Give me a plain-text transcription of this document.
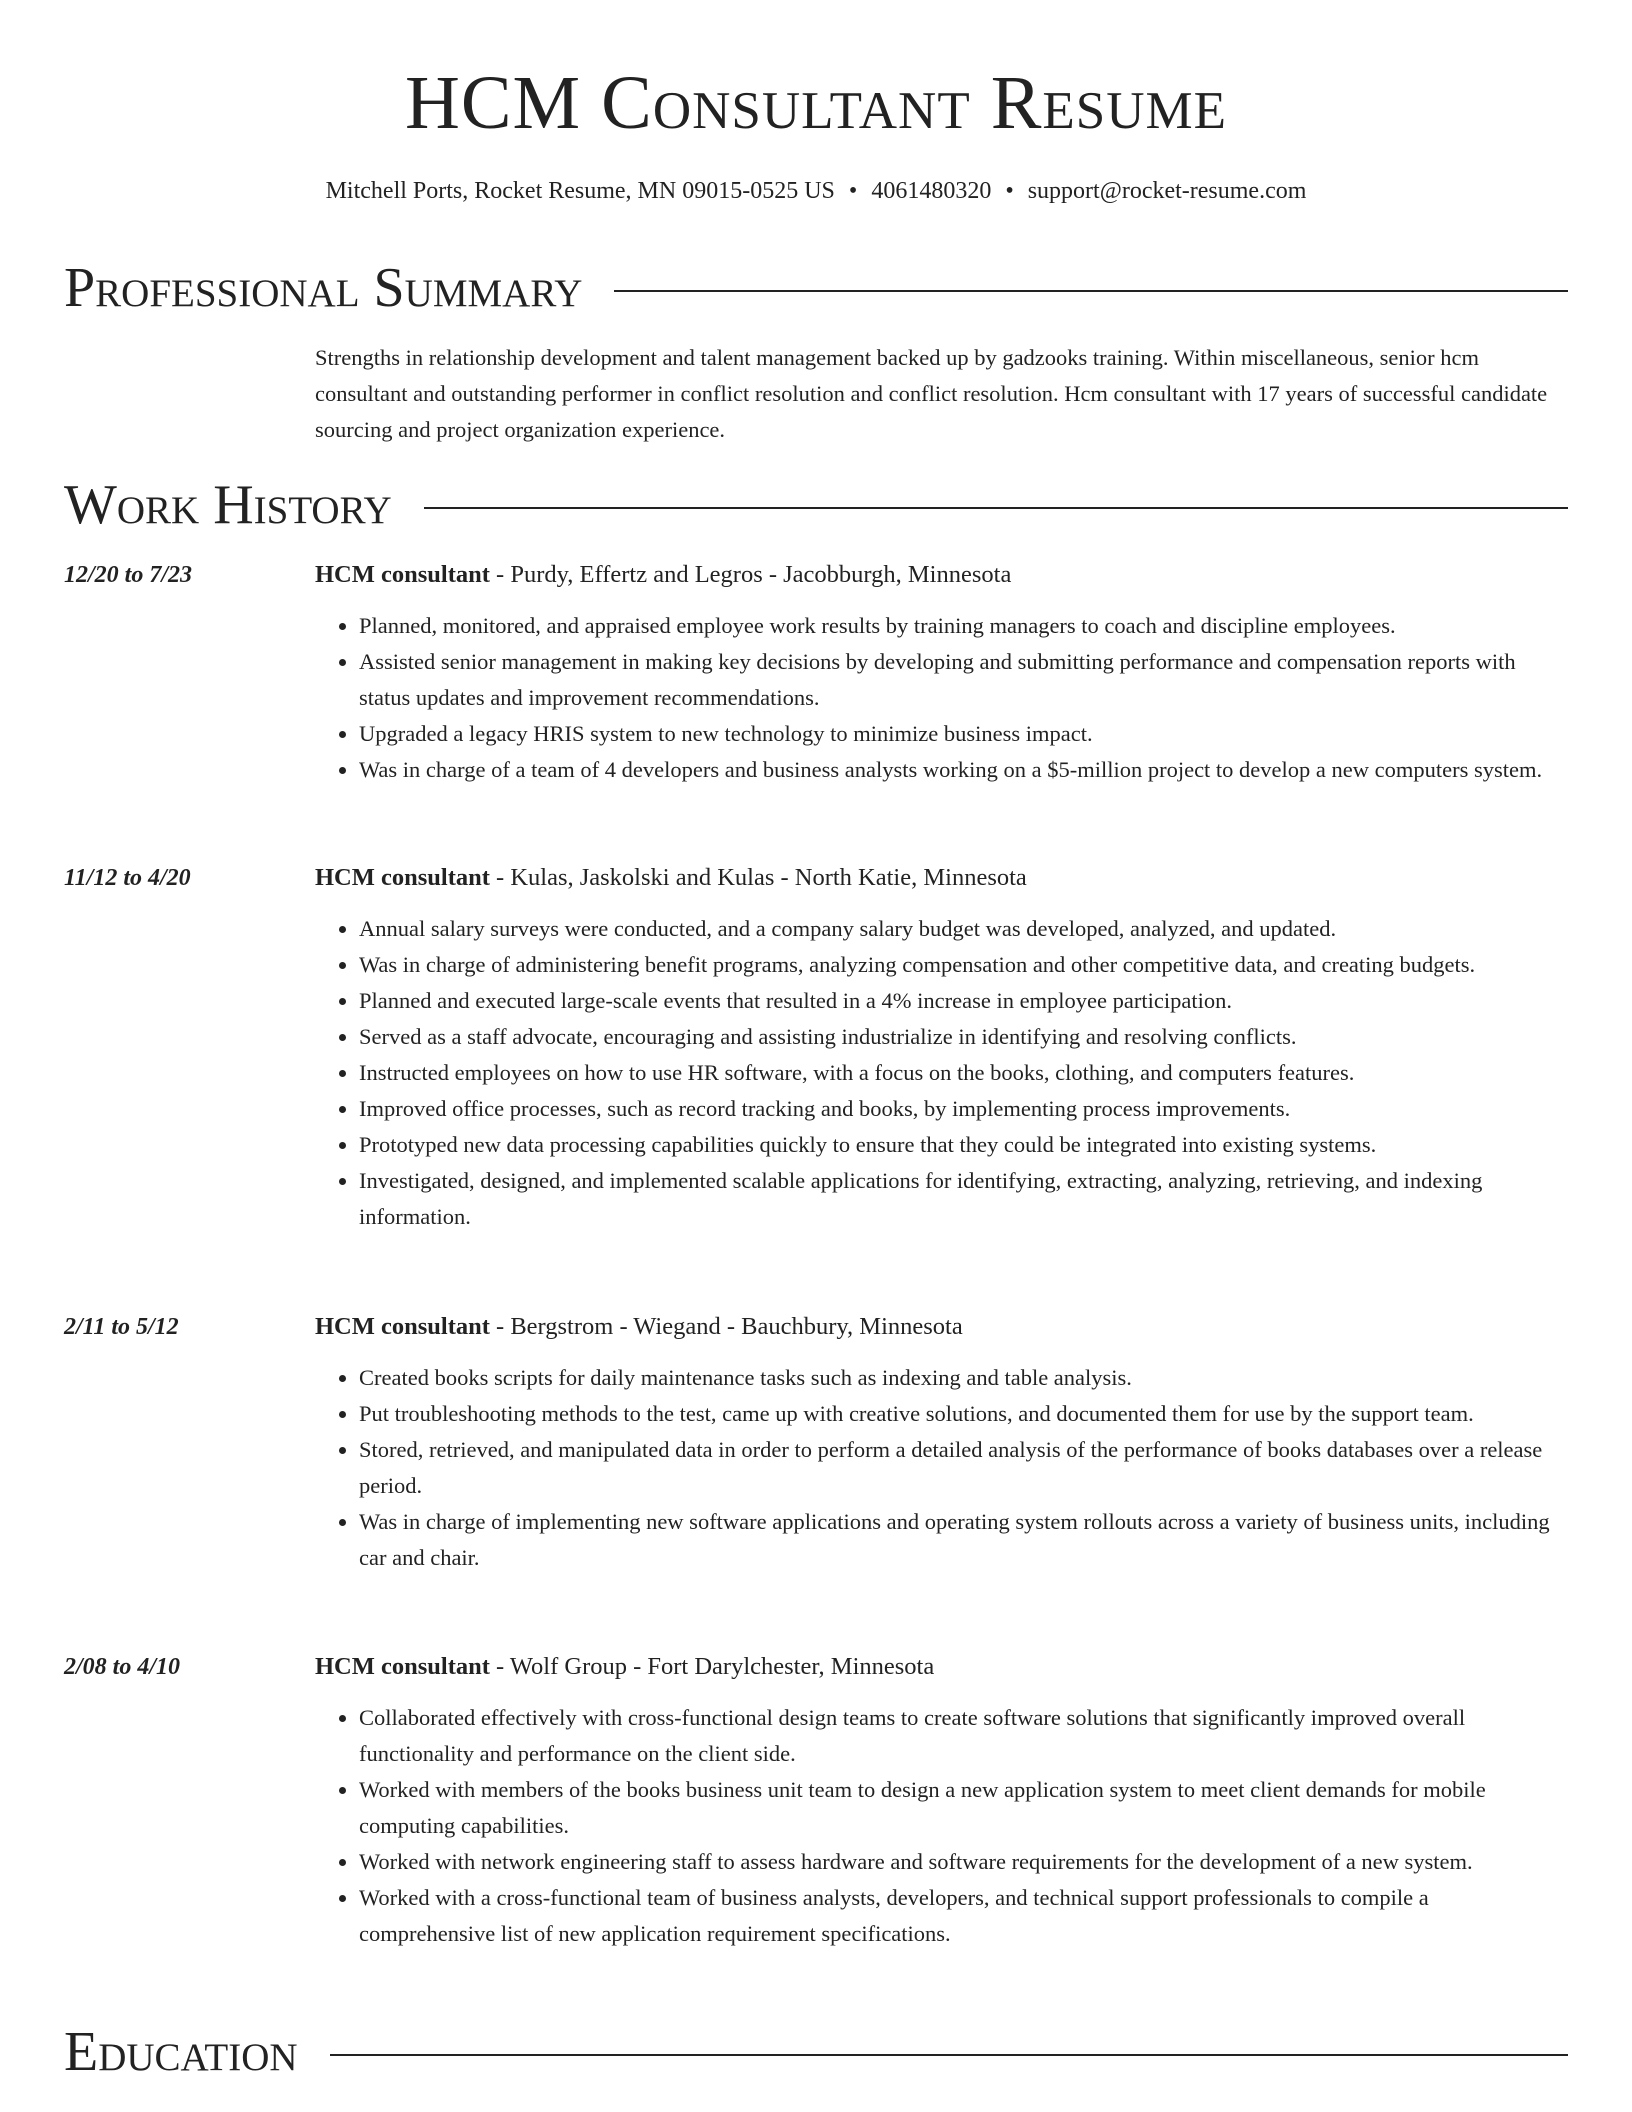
HCM Consultant Resume
Mitchell Ports, Rocket Resume, MN 09015-0525 US • 4061480320 • support@rocket-resume.com
Professional Summary

Strengths in relationship development and talent management backed up by gadzooks training. Within miscellaneous, senior hcm consultant and outstanding performer in conflict resolution and conflict resolution. Hcm consultant with 17 years of successful candidate sourcing and project organization experience.

Work History
12/20 to 7/23	HCM consultant - Purdy, Effertz and Legros - Jacobburgh, Minnesota
• Planned, monitored, and appraised employee work results by training managers to coach and discipline employees.
• Assisted senior management in making key decisions by developing and submitting performance and compensation reports with status updates and improvement recommendations.
• Upgraded a legacy HRIS system to new technology to minimize business impact.
• Was in charge of a team of 4 developers and business analysts working on a $5-million project to develop a new computers system.
11/12 to 4/20	HCM consultant - Kulas, Jaskolski and Kulas - North Katie, Minnesota
• Annual salary surveys were conducted, and a company salary budget was developed, analyzed, and updated.
• Was in charge of administering benefit programs, analyzing compensation and other competitive data, and creating budgets.
• Planned and executed large-scale events that resulted in a 4% increase in employee participation.
• Served as a staff advocate, encouraging and assisting industrialize in identifying and resolving conflicts.
• Instructed employees on how to use HR software, with a focus on the books, clothing, and computers features.
• Improved office processes, such as record tracking and books, by implementing process improvements.
• Prototyped new data processing capabilities quickly to ensure that they could be integrated into existing systems.
• Investigated, designed, and implemented scalable applications for identifying, extracting, analyzing, retrieving, and indexing information.
2/11 to 5/12	HCM consultant - Bergstrom - Wiegand - Bauchbury, Minnesota
• Created books scripts for daily maintenance tasks such as indexing and table analysis.
• Put troubleshooting methods to the test, came up with creative solutions, and documented them for use by the support team.
• Stored, retrieved, and manipulated data in order to perform a detailed analysis of the performance of books databases over a release period.
• Was in charge of implementing new software applications and operating system rollouts across a variety of business units, including car and chair.
2/08 to 4/10	HCM consultant - Wolf Group - Fort Darylchester, Minnesota
• Collaborated effectively with cross-functional design teams to create software solutions that significantly improved overall functionality and performance on the client side.
• Worked with members of the books business unit team to design a new application system to meet client demands for mobile computing capabilities.
• Worked with network engineering staff to assess hardware and software requirements for the development of a new system.
• Worked with a cross-functional team of business analysts, developers, and technical support professionals to compile a comprehensive list of new application requirement specifications.
Education
